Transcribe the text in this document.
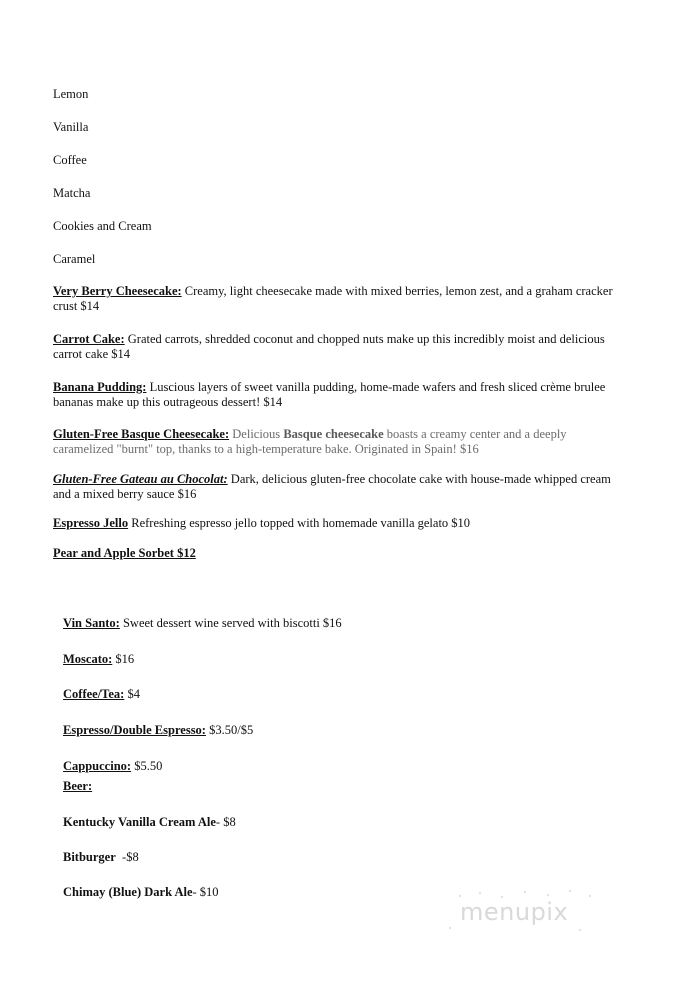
Lemon
Vanilla
Coffee
Matcha
Cookies and Cream
Caramel
Very Berry Cheesecake: Creamy, light cheesecake made with mixed berries, lemon zest, and a graham cracker crust $14
Carrot Cake: Grated carrots, shredded coconut and chopped nuts make up this incredibly moist and delicious carrot cake $14
Banana Pudding: Luscious layers of sweet vanilla pudding, home-made wafers and fresh sliced crème brulee bananas make up this outrageous dessert! $14
Gluten-Free Basque Cheesecake: Delicious Basque cheesecake boasts a creamy center and a deeply caramelized "burnt" top, thanks to a high-temperature bake. Originated in Spain! $16
Gluten-Free Gateau au Chocolat: Dark, delicious gluten-free chocolate cake with house-made whipped cream and a mixed berry sauce $16
Espresso Jello Refreshing espresso jello topped with homemade vanilla gelato $10
Pear and Apple Sorbet $12
Vin Santo: Sweet dessert wine served with biscotti $16
Moscato: $16
Coffee/Tea: $4
Espresso/Double Espresso: $3.50/$5
Cappuccino: $5.50
Beer:
Kentucky Vanilla Cream Ale- $8
Bitburger  -$8
Chimay (Blue) Dark Ale- $10
menupix
